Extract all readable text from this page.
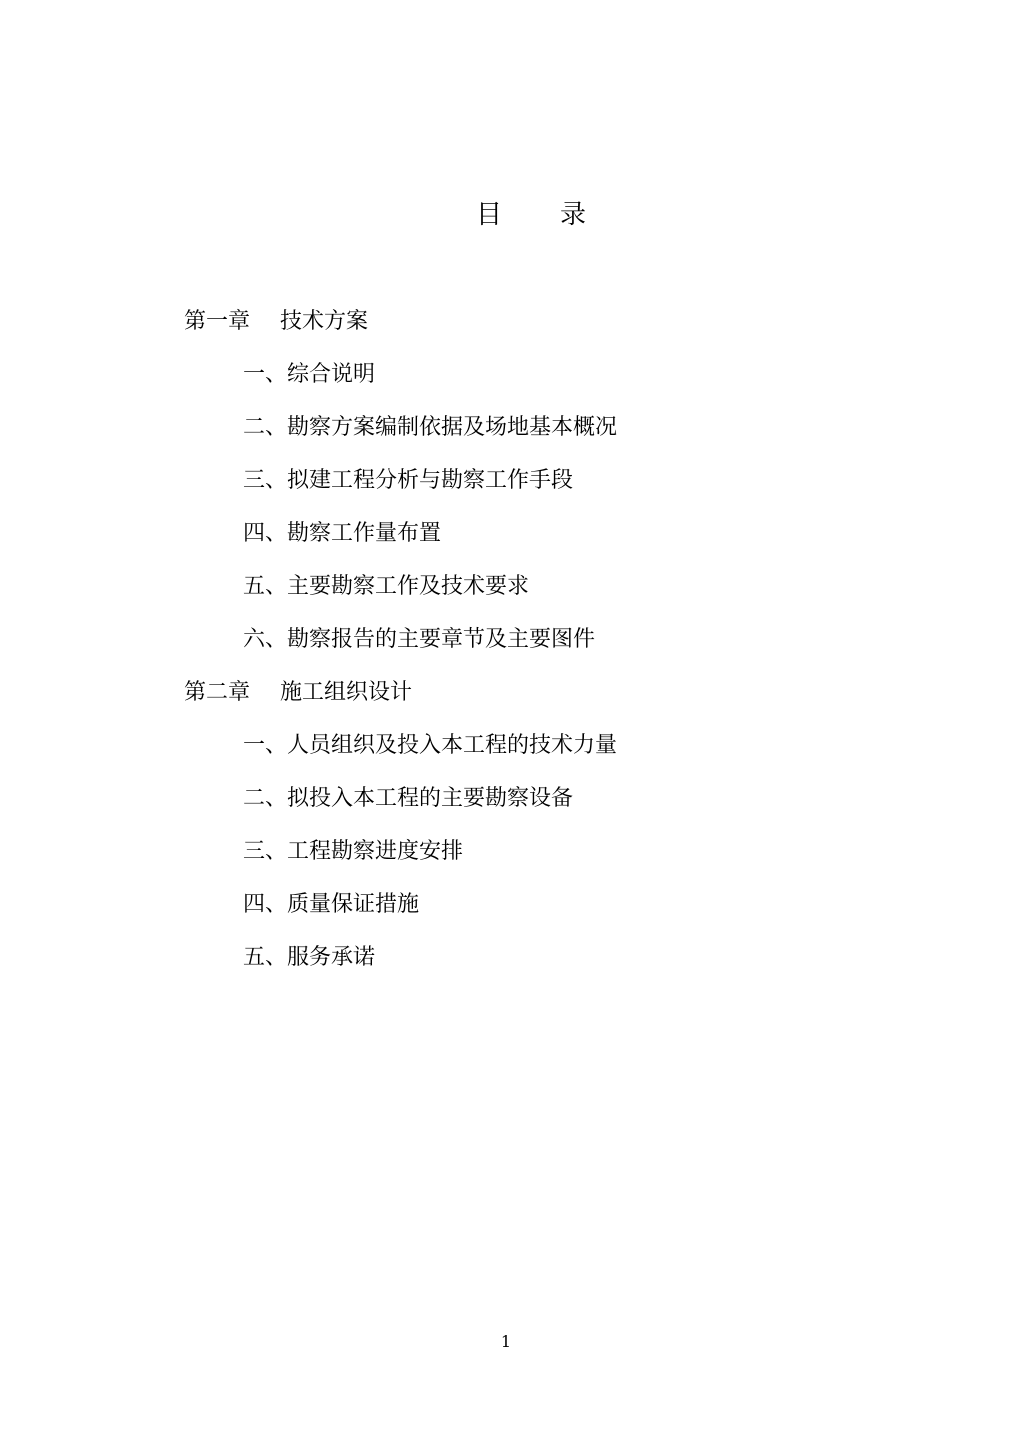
目 录
第一章 技术方案
一、综合说明
二、勘察方案编制依据及场地基本概况
三、拟建工程分析与勘察工作手段
四、勘察工作量布置
五、主要勘察工作及技术要求
六、勘察报告的主要章节及主要图件
第二章 施工组织设计
一、人员组织及投入本工程的技术力量
二、拟投入本工程的主要勘察设备
三、工程勘察进度安排
四、质量保证措施
五、服务承诺
1
